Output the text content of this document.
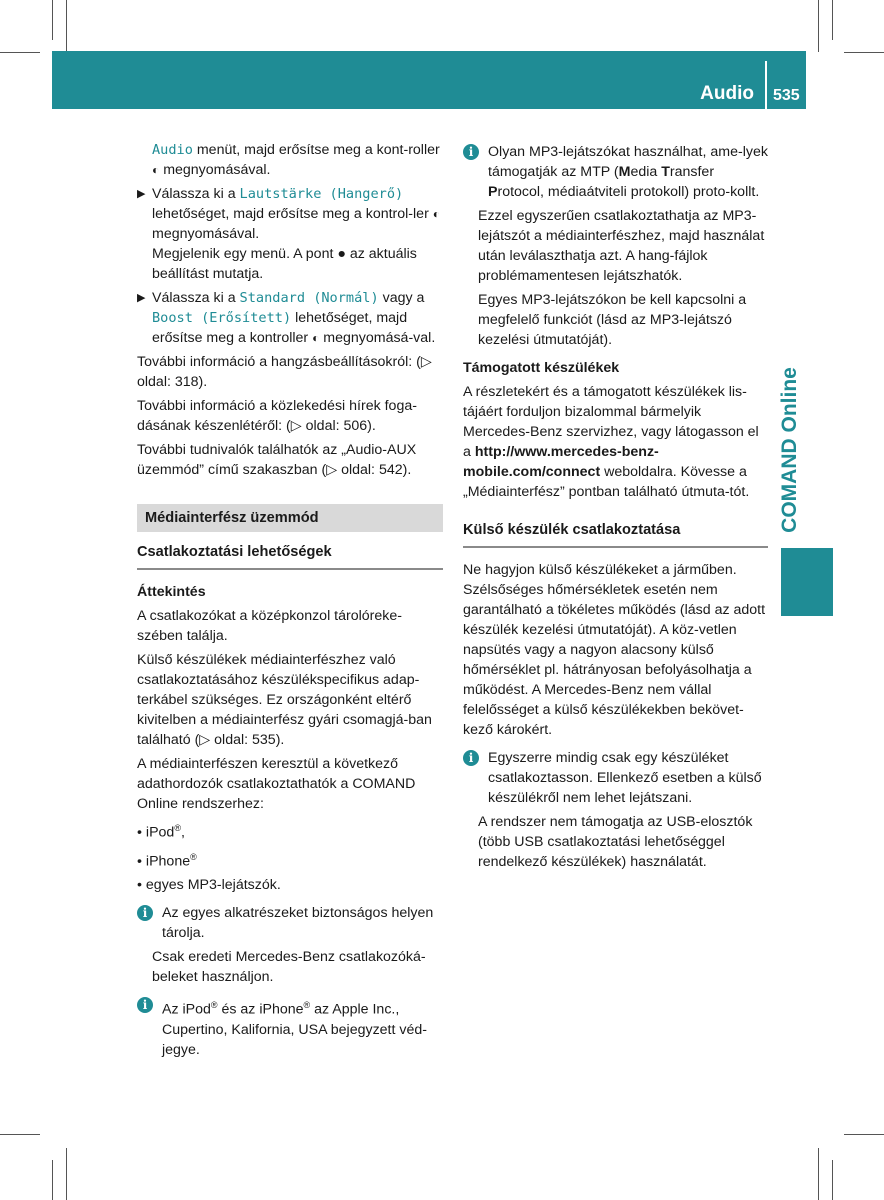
Audio 535
COMAND Online

Audio menüt, majd erősítse meg a kont-roller ◐ megnyomásával.

▶ Válassza ki a Lautstärke (Hangerő) lehetőséget, majd erősítse meg a kontrol-ler ◐ megnyomásával.
Megjelenik egy menü. A pont ● az aktuális beállítást mutatja.
▶ Válassza ki a Standard (Normál) vagy a Boost (Erősített) lehetőséget, majd erősítse meg a kontroller ◐ megnyomásá-val.

További információ a hangzásbeállításokról: (▷ oldal: 318).

További információ a közlekedési hírek foga-dásának készenlétéről: (▷ oldal: 506).

További tudnivalók találhatók az „Audio-AUX üzemmód” című szakaszban (▷ oldal: 542).

Médiainterfész üzemmód
Csatlakoztatási lehetőségek
Áttekintés

A csatlakozókat a középkonzol tárolóreke-szében találja.

Külső készülékek médiainterfészhez való csatlakoztatásához készülékspecifikus adap-terkábel szükséges. Ez országonként eltérő kivitelben a médiainterfész gyári csomagjá-ban található (▷ oldal: 535).

A médiainterfészen keresztül a következő adathordozók csatlakoztathatók a COMAND Online rendszerhez:

• iPod®,
• iPhone®
• egyes MP3-lejátszók.
i	Az egyes alkatrészeket biztonságos helyen tárolja.

Csak eredeti Mercedes-Benz csatlakozóká-beleket használjon.

i	Az iPod® és az iPhone® az Apple Inc., Cupertino, Kalifornia, USA bejegyzett véd-jegye.

i	Olyan MP3-lejátszókat használhat, ame-lyek támogatják az MTP (Media Transfer Protocol, médiaátviteli protokoll) proto-kollt.

Ezzel egyszerűen csatlakoztathatja az MP3-lejátszót a médiainterfészhez, majd használat után leválaszthatja azt. A hang-fájlok problémamentesen lejátszhatók.

Egyes MP3-lejátszókon be kell kapcsolni a megfelelő funkciót (lásd az MP3-lejátszó kezelési útmutatóját).

Támogatott készülékek

A részletekért és a támogatott készülékek lis-tájáért forduljon bizalommal bármelyik Mercedes-Benz szervizhez, vagy látogasson el a http://www.mercedes-benz-mobile.com/connect weboldalra. Kövesse a „Médiainterfész” pontban található útmuta-tót.

Külső készülék csatlakoztatása

Ne hagyjon külső készülékeket a járműben. Szélsőséges hőmérsékletek esetén nem garantálható a tökéletes működés (lásd az adott készülék kezelési útmutatóját). A köz-vetlen napsütés vagy a nagyon alacsony külső hőmérséklet pl. hátrányosan befolyásolhatja a működést. A Mercedes-Benz nem vállal felelősséget a külső készülékekben bekövet-kező károkért.

i	Egyszerre mindig csak egy készüléket csatlakoztasson. Ellenkező esetben a külső készülékről nem lehet lejátszani.

A rendszer nem támogatja az USB-elosztók (több USB csatlakoztatási lehetőséggel rendelkező készülékek) használatát.
